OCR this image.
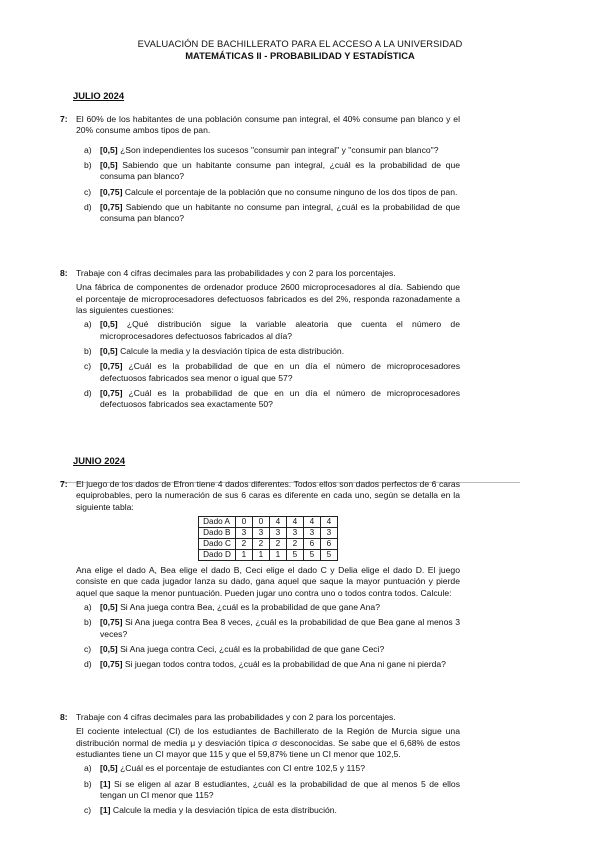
EVALUACIÓN DE BACHILLERATO PARA EL ACCESO A LA UNIVERSIDAD
MATEMÁTICAS II - PROBABILIDAD Y ESTADÍSTICA
JULIO 2024
7: El 60% de los habitantes de una población consume pan integral, el 40% consume pan blanco y el 20% consume ambos tipos de pan.

a) [0,5] ¿Son independientes los sucesos "consumir pan integral" y "consumir pan blanco"?
b) [0,5] Sabiendo que un habitante consume pan integral, ¿cuál es la probabilidad de que consuma pan blanco?
c) [0,75] Calcule el porcentaje de la población que no consume ninguno de los dos tipos de pan.
d) [0,75] Sabiendo que un habitante no consume pan integral, ¿cuál es la probabilidad de que consuma pan blanco?
8: Trabaje con 4 cifras decimales para las probabilidades y con 2 para los porcentajes.

Una fábrica de componentes de ordenador produce 2600 microprocesadores al día. Sabiendo que el porcentaje de microprocesadores defectuosos fabricados es del 2%, responda razonadamente a las siguientes cuestiones:

a) [0,5] ¿Qué distribución sigue la variable aleatoria que cuenta el número de microprocesadores defectuosos fabricados al día?
b) [0,5] Calcule la media y la desviación típica de esta distribución.
c) [0,75] ¿Cuál es la probabilidad de que en un día el número de microprocesadores defectuosos fabricados sea menor o igual que 57?
d) [0,75] ¿Cuál es la probabilidad de que en un día el número de microprocesadores defectuosos fabricados sea exactamente 50?
JUNIO 2024
7: El juego de los dados de Efron tiene 4 dados diferentes. Todos ellos son dados perfectos de 6 caras equiprobables, pero la numeración de sus 6 caras es diferente en cada uno, según se detalla en la siguiente tabla:

Dado A	0	0	4	4	4	4
Dado B	3	3	3	3	3	3
Dado C	2	2	2	2	6	6
Dado D	1	1	1	5	5	5

Ana elige el dado A, Bea elige el dado B, Ceci elige el dado C y Delia elige el dado D. El juego consiste en que cada jugador lanza su dado, gana aquel que saque la mayor puntuación y pierde aquel que saque la menor puntuación. Pueden jugar uno contra uno o todos contra todos. Calcule:

a) [0,5] Si Ana juega contra Bea, ¿cuál es la probabilidad de que gane Ana?
b) [0,75] Si Ana juega contra Bea 8 veces, ¿cuál es la probabilidad de que Bea gane al menos 3 veces?
c) [0,5] Si Ana juega contra Ceci, ¿cuál es la probabilidad de que gane Ceci?
d) [0,75] Si juegan todos contra todos, ¿cuál es la probabilidad de que Ana ni gane ni pierda?
8: Trabaje con 4 cifras decimales para las probabilidades y con 2 para los porcentajes.

El cociente intelectual (CI) de los estudiantes de Bachillerato de la Región de Murcia sigue una distribución normal de media μ y desviación típica σ desconocidas. Se sabe que el 6,68% de estos estudiantes tiene un CI mayor que 115 y que el 59,87% tiene un CI menor que 102,5.

a) [0,5] ¿Cuál es el porcentaje de estudiantes con CI entre 102,5 y 115?
b) [1] Si se eligen al azar 8 estudiantes, ¿cuál es la probabilidad de que al menos 5 de ellos tengan un CI menor que 115?
c) [1] Calcule la media y la desviación típica de esta distribución.
